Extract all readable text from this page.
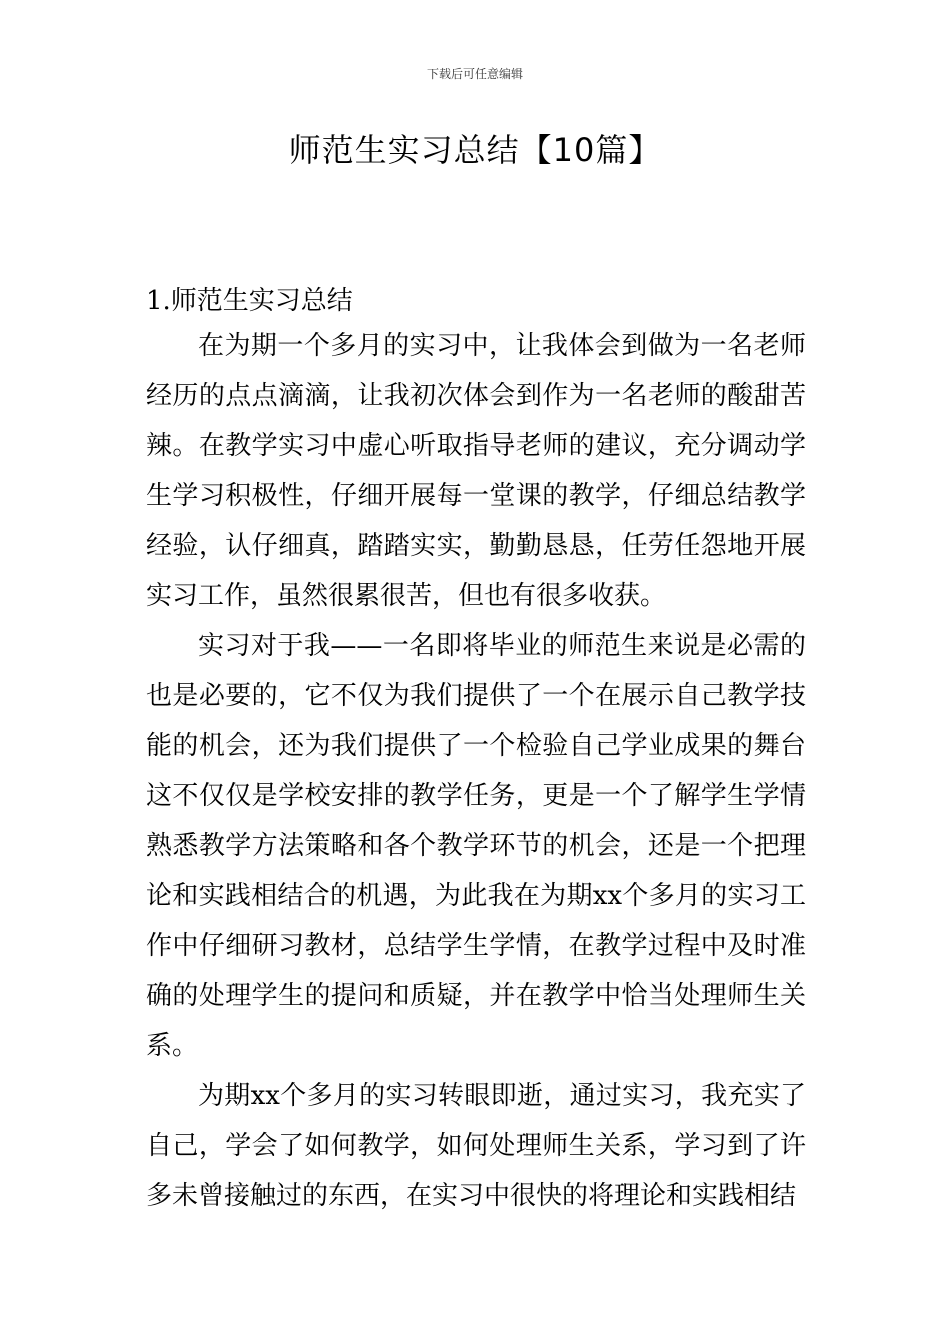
下载后可任意编辑
师范生实习总结【10篇】
1.师范生实习总结

在为期一个多月的实习中，让我体会到做为一名老师经历的点点滴滴，让我初次体会到作为一名老师的酸甜苦辣。在教学实习中虚心听取指导老师的建议，充分调动学生学习积极性，仔细开展每一堂课的教学，仔细总结教学经验，认仔细真，踏踏实实，勤勤恳恳，任劳任怨地开展实习工作，虽然很累很苦，但也有很多收获。

实习对于我——一名即将毕业的师范生来说是必需的也是必要的，它不仅为我们提供了一个在展示自己教学技能的机会，还为我们提供了一个检验自己学业成果的舞台这不仅仅是学校安排的教学任务，更是一个了解学生学情熟悉教学方法策略和各个教学环节的机会，还是一个把理论和实践相结合的机遇，为此我在为期xx个多月的实习工作中仔细研习教材，总结学生学情，在教学过程中及时准确的处理学生的提问和质疑，并在教学中恰当处理师生关系。

为期xx个多月的实习转眼即逝，通过实习，我充实了自己，学会了如何教学，如何处理师生关系，学习到了许多未曾接触过的东西，在实习中很快的将理论和实践相结
